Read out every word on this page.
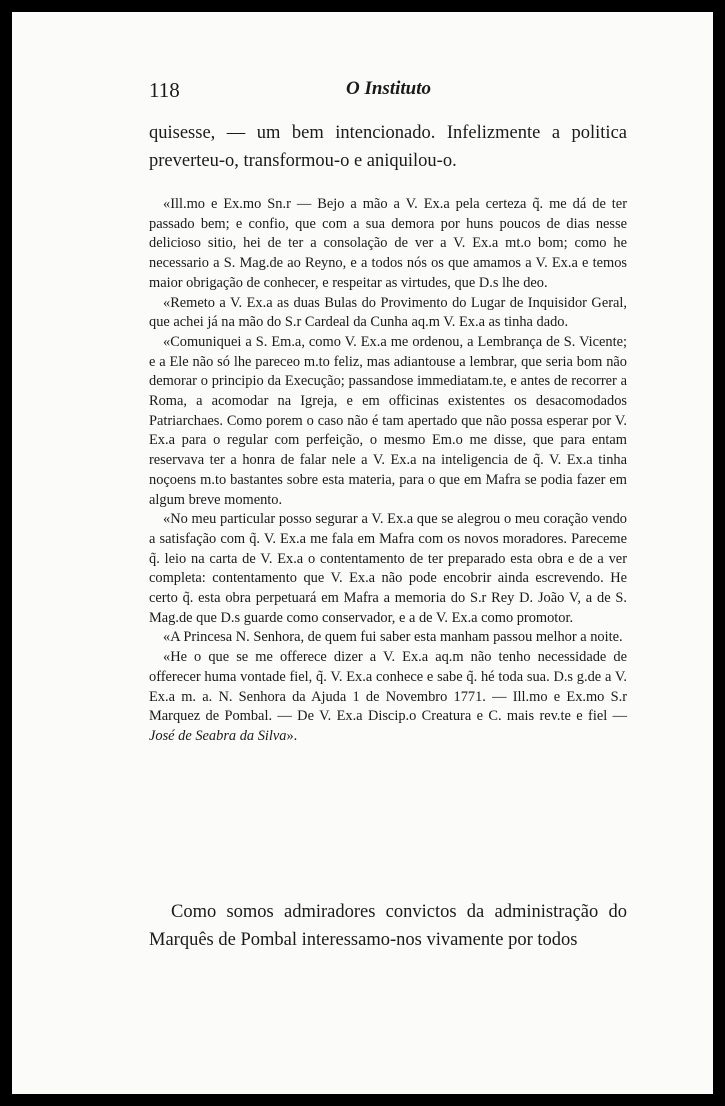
118	O Instituto
quisesse, — um bem intencionado. Infelizmente a politica preverteu-o, transformou-o e aniquilou-o.

«Ill.mo e Ex.mo Sn.r — Bejo a mão a V. Ex.a pela certeza q̃. me dá de ter passado bem; e confio, que com a sua demora por huns poucos de dias nesse delicioso sitio, hei de ter a consolação de ver a V. Ex.a mt.o bom; como he necessario a S. Mag.de ao Reyno, e a todos nós os que amamos a V. Ex.a e temos maior obrigação de conhecer, e respeitar as virtudes, que D.s lhe deo.

«Remeto a V. Ex.a as duas Bulas do Provimento do Lugar de Inquisidor Geral, que achei já na mão do S.r Cardeal da Cunha aq.m V. Ex.a as tinha dado.

«Comuniquei a S. Em.a, como V. Ex.a me ordenou, a Lembrança de S. Vicente; e a Ele não só lhe pareceo m.to feliz, mas adiantouse a lembrar, que seria bom não demorar o principio da Execução; passandose immediatam.te, e antes de recorrer a Roma, a acomodar na Igreja, e em officinas existentes os desacomodados Patriarchaes. Como porem o caso não é tam apertado que não possa esperar por V. Ex.a para o regular com perfeição, o mesmo Em.o me disse, que para entam reservava ter a honra de falar nele a V. Ex.a na inteligencia de q̃. V. Ex.a tinha noçoens m.to bastantes sobre esta materia, para o que em Mafra se podia fazer em algum breve momento.

«No meu particular posso segurar a V. Ex.a que se alegrou o meu coração vendo a satisfação com q̃. V. Ex.a me fala em Mafra com os novos moradores. Pareceme q̃. leio na carta de V. Ex.a o contentamento de ter preparado esta obra e de a ver completa: contentamento que V. Ex.a não pode encobrir ainda escrevendo. He certo q̃. esta obra perpetuará em Mafra a memoria do S.r Rey D. João V, a de S. Mag.de que D.s guarde como conservador, e a de V. Ex.a como promotor.

«A Princesa N. Senhora, de quem fui saber esta manham passou melhor a noite.

«He o que se me offerece dizer a V. Ex.a aq.m não tenho necessidade de offerecer huma vontade fiel, q̃. V. Ex.a conhece e sabe q̃. hé toda sua. D.s g.de a V. Ex.a m. a. N. Senhora da Ajuda 1 de Novembro 1771. — Ill.mo e Ex.mo S.r Marquez de Pombal. — De V. Ex.a Discip.o Creatura e C. mais rev.te e fiel — José de Seabra da Silva».

Como somos admiradores convictos da administração do Marquês de Pombal interessamo-nos vivamente por todos
